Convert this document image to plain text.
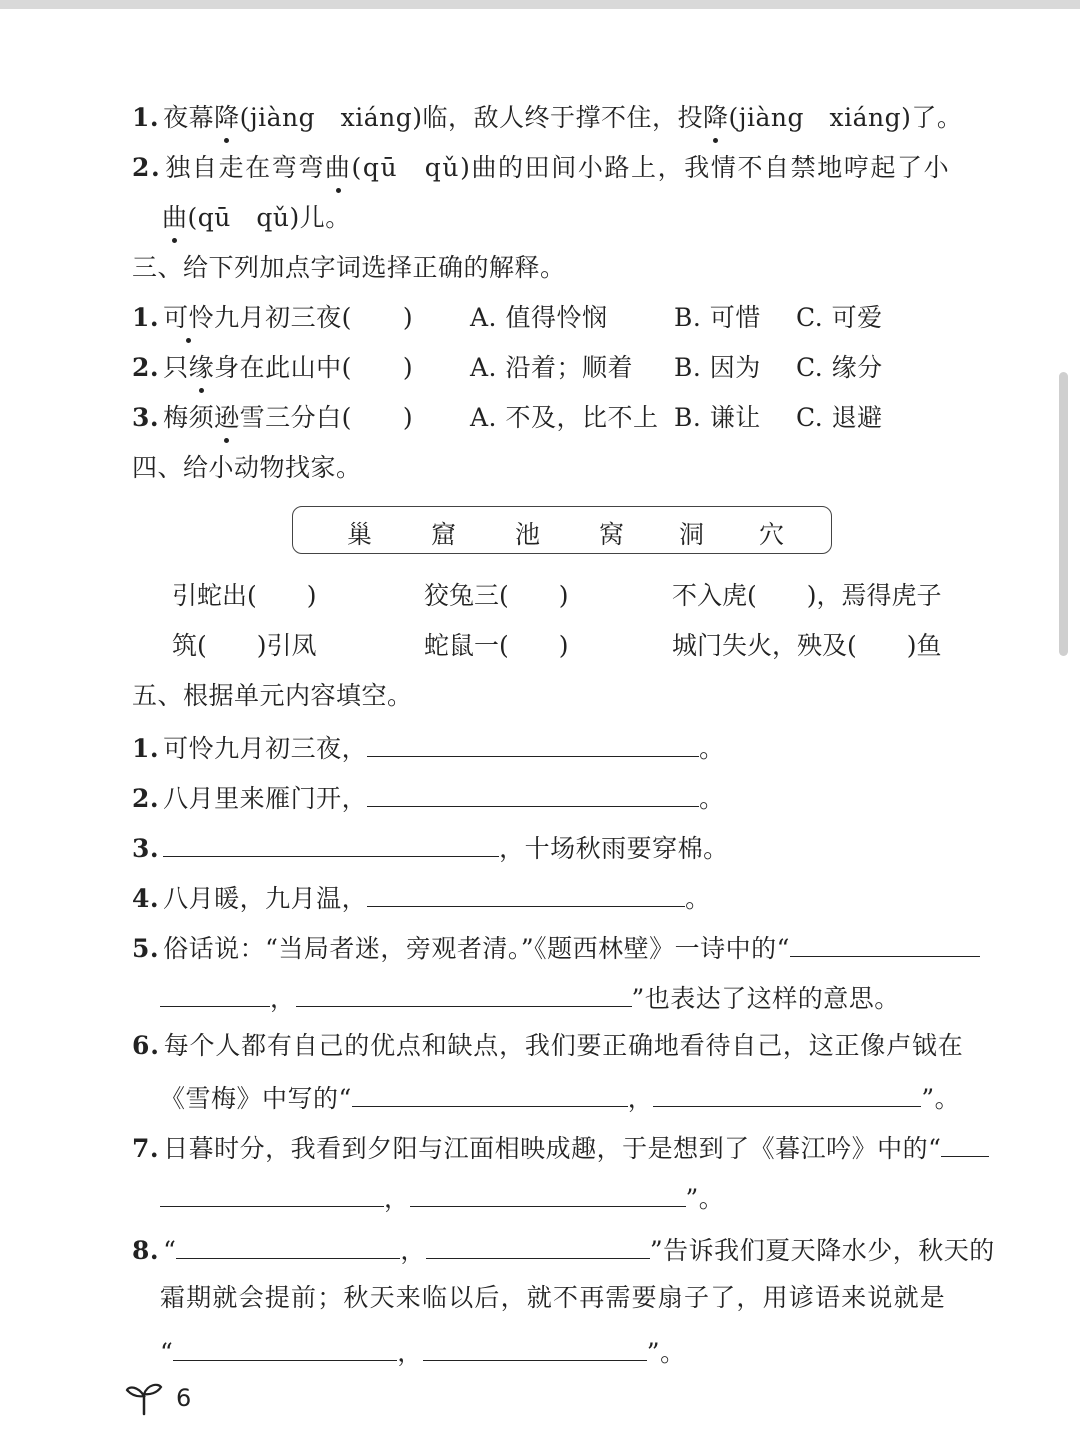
1. 夜幕降(jiàng　xiáng)临，敌人终于撑不住，投降(jiàng　xiáng)了。
2. 独自走在弯弯曲(qū　qǔ)曲的田间小路上，我情不自禁地哼起了小
曲(qū　qǔ)儿。
三、给下列加点字词选择正确的解释。
1. 可怜九月初三夜(　　) A. 值得怜悯	B. 可惜 C. 可爱
2. 只缘身在此山中(　　) A. 沿着；顺着 B. 因为 C. 缘分
3. 梅须逊雪三分白(　　) A. 不及，比不上 B. 谦让 C. 退避
四、给小动物找家。
巢 窟 池 窝 洞 穴
引蛇出(　　)	狡兔三(　　)	不入虎(　　)，焉得虎子
筑(　　)引凤	蛇鼠一(　　)	城门失火，殃及(　　)鱼
五、根据单元内容填空。
1. 可怜九月初三夜，	。
2. 八月里来雁门开，	。
3.	，十场秋雨要穿棉。
4. 八月暖，九月温，	。
5. 俗话说：“当局者迷，旁观者清。”《题西林壁》一诗中的“
，	”也表达了这样的意思。
6. 每个人都有自己的优点和缺点，我们要正确地看待自己，这正像卢钺在
《雪梅》中写的“	，	”。
7. 日暮时分，我看到夕阳与江面相映成趣，于是想到了《暮江吟》中的“
，	”。
8. “	，	”告诉我们夏天降水少，秋天的
霜期就会提前；秋天来临以后，就不再需要扇子了，用谚语来说就是
“	，	”。
6
